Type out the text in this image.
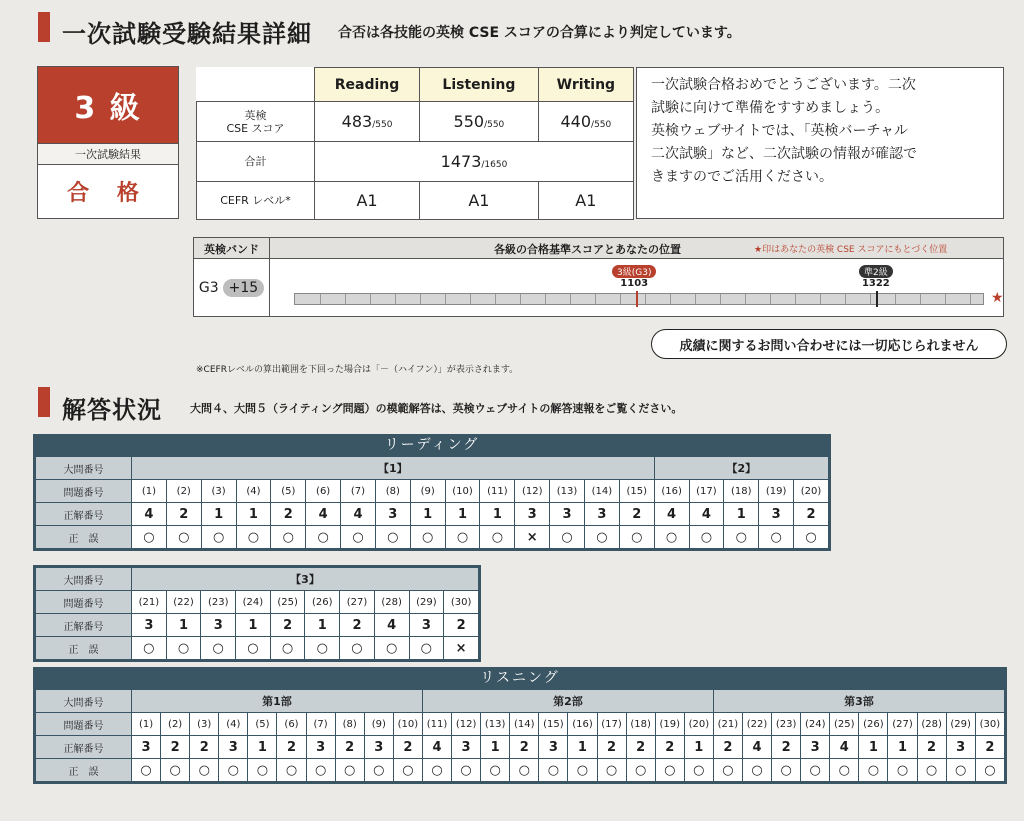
一次試験受験結果詳細 合否は各技能の英検 CSE スコアの合算により判定しています。
3 級
一次試験結果
合 格
	Reading	Listening	Writing
英検
CSE スコア	483/550	550/550	440/550
合計	1473/1650		
CEFR レベル*	A1	A1	A1
一次試験合格おめでとうございます。二次
試験に向けて準備をすすめましょう。
英検ウェブサイトでは、「英検バーチャル
二次試験」など、二次試験の情報が確認で
きますのでご活用ください。
英検バンド	各級の合格基準スコアとあなたの位置	★印はあなたの英検 CSE スコアにもとづく位置
G3 +15
3級(G3)
1103
準2級
1322
★
成績に関するお問い合わせには一切応じられません
※CEFRレベルの算出範囲を下回った場合は「－（ハイフン）」が表示されます。
解答状況	大問４、大問５（ライティング問題）の模範解答は、英検ウェブサイトの解答速報をご覧ください。
リーディング
大問番号	【1】															【2】				
問題番号	(1)	(2)	(3)	(4)	(5)	(6)	(7)	(8)	(9)	(10)	(11)	(12)	(13)	(14)	(15)	(16)	(17)	(18)	(19)	(20)
正解番号	4	2	1	1	2	4	4	3	1	1	1	3	3	3	2	4	4	1	3	2
正　誤	○	○	○	○	○	○	○	○	○	○	○	×	○	○	○	○	○	○	○	○
大問番号	【3】									
問題番号	(21)	(22)	(23)	(24)	(25)	(26)	(27)	(28)	(29)	(30)
正解番号	3	1	3	1	2	1	2	4	3	2
正　誤	○	○	○	○	○	○	○	○	○	×
リスニング
大問番号	第1部										第2部										第3部									
問題番号	(1)	(2)	(3)	(4)	(5)	(6)	(7)	(8)	(9)	(10)	(11)	(12)	(13)	(14)	(15)	(16)	(17)	(18)	(19)	(20)	(21)	(22)	(23)	(24)	(25)	(26)	(27)	(28)	(29)	(30)
正解番号	3	2	2	3	1	2	3	2	3	2	4	3	1	2	3	1	2	2	2	1	2	4	2	3	4	1	1	2	3	2
正　誤	○	○	○	○	○	○	○	○	○	○	○	○	○	○	○	○	○	○	○	○	○	○	○	○	○	○	○	○	○	○
